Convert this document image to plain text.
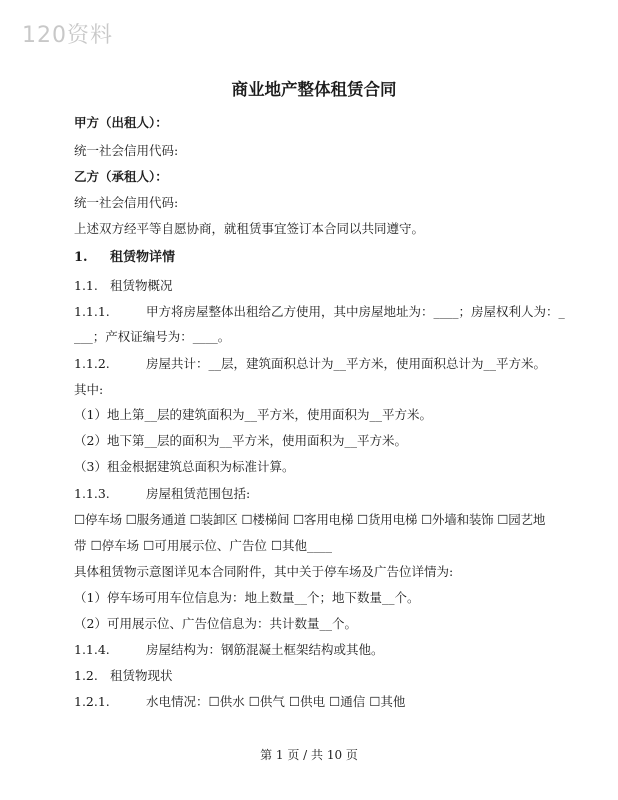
120资料
商业地产整体租赁合同
甲方（出租人）：
统一社会信用代码:
乙方（承租人）：
统一社会信用代码:
上述双方经平等自愿协商，就租赁事宜签订本合同以共同遵守。
1. 租赁物详情
1.1. 租赁物概况
1.1.1.	甲方将房屋整体出租给乙方使用，其中房屋地址为：____；房屋权利人为：_
___；产权证编号为：____。
1.1.2.	房屋共计：__层，建筑面积总计为__平方米，使用面积总计为__平方米。
其中:
（1）地上第__层的建筑面积为__平方米，使用面积为__平方米。
（2）地下第__层的面积为__平方米，使用面积为__平方米。
（3）租金根据建筑总面积为标准计算。
1.1.3.	房屋租赁范围包括:
☐停车场 ☐服务通道 ☐装卸区 ☐楼梯间 ☐客用电梯 ☐货用电梯 ☐外墙和装饰 ☐园艺地
带 ☐停车场 ☐可用展示位、广告位 ☐其他____
具体租赁物示意图详见本合同附件，其中关于停车场及广告位详情为:
（1）停车场可用车位信息为：地上数量__个；地下数量__个。
（2）可用展示位、广告位信息为：共计数量__个。
1.1.4.	房屋结构为：钢筋混凝土框架结构或其他。
1.2. 租赁物现状
1.2.1.	水电情况：☐供水 ☐供气 ☐供电 ☐通信 ☐其他
第 1 页 / 共 10 页
